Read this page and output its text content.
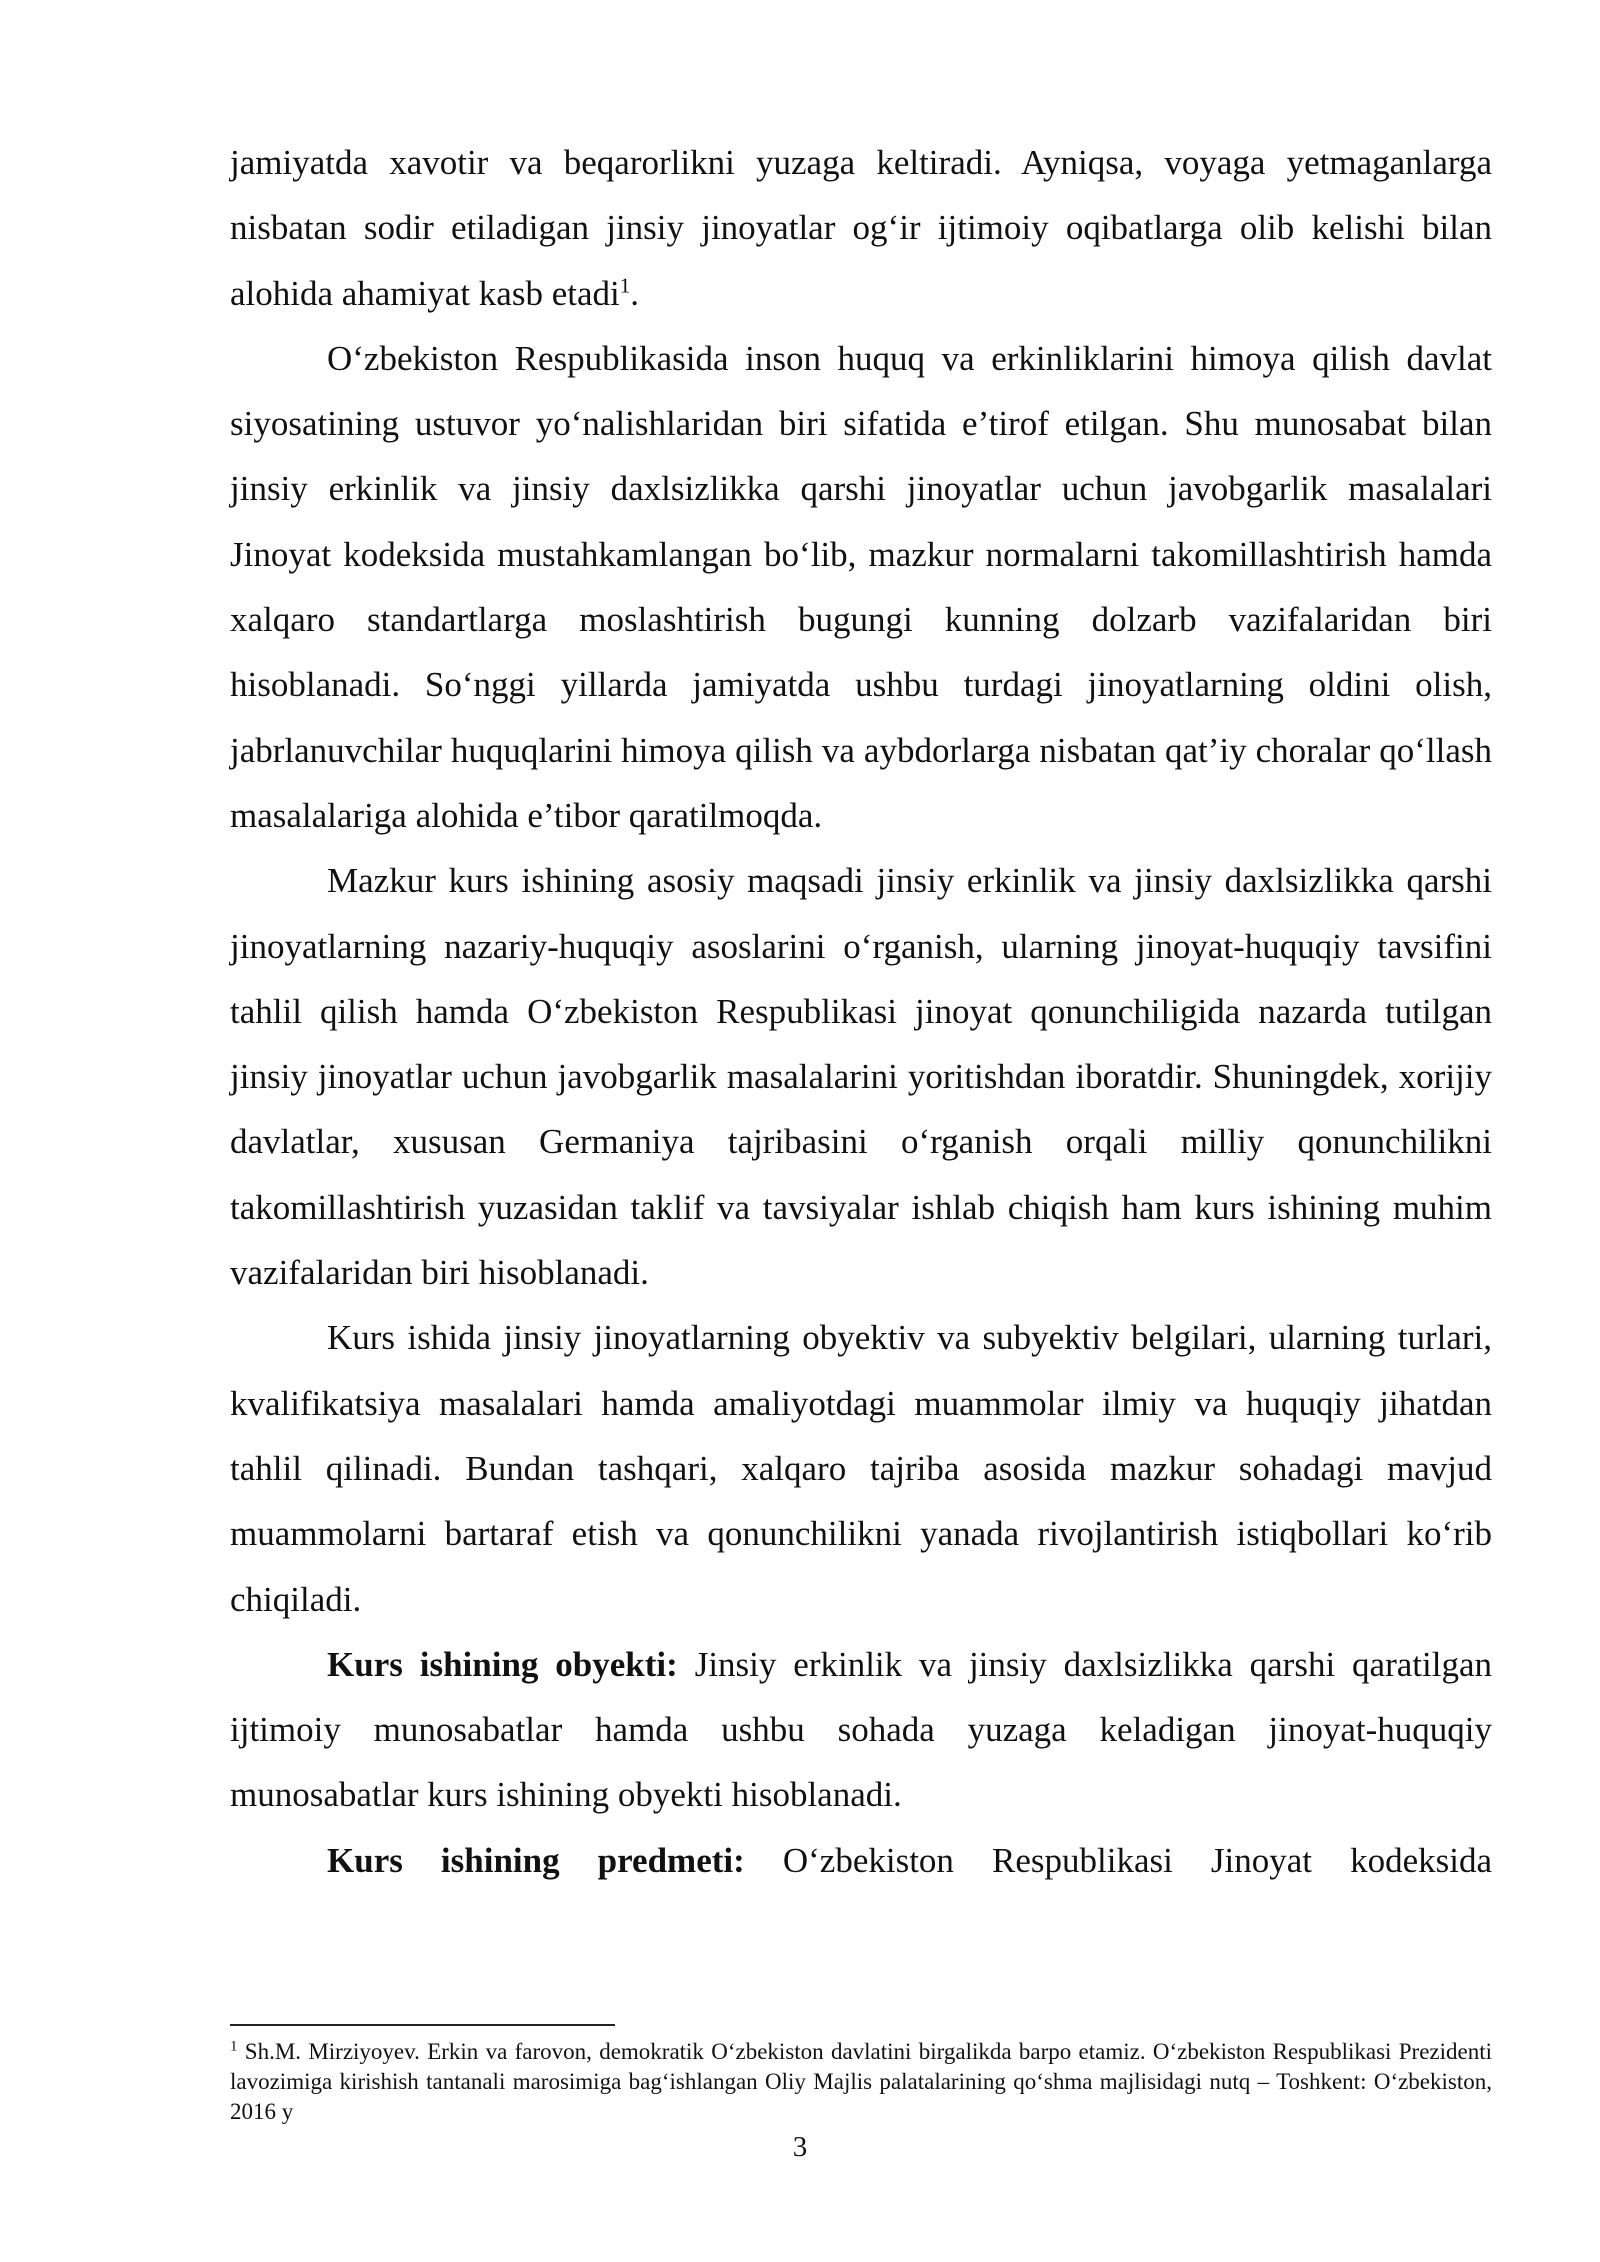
jamiyatda xavotir va beqarorlikni yuzaga keltiradi. Ayniqsa, voyaga yetmaganlarga nisbatan sodir etiladigan jinsiy jinoyatlar og‘ir ijtimoiy oqibatlarga olib kelishi bilan alohida ahamiyat kasb etadi$^1$.

O‘zbekiston Respublikasida inson huquq va erkinliklarini himoya qilish davlat siyosatining ustuvor yo‘nalishlaridan biri sifatida e’tirof etilgan. Shu munosabat bilan jinsiy erkinlik va jinsiy daxlsizlikka qarshi jinoyatlar uchun javobgarlik masalalari Jinoyat kodeksida mustahkamlangan bo‘lib, mazkur normalarni takomillashtirish hamda xalqaro standartlarga moslashtirish bugungi kunning dolzarb vazifalaridan biri hisoblanadi. So‘nggi yillarda jamiyatda ushbu turdagi jinoyatlarning oldini olish, jabrlanuvchilar huquqlarini himoya qilish va aybdorlarga nisbatan qat’iy choralar qo‘llash masalalariga alohida e’tibor qaratilmoqda.

Mazkur kurs ishining asosiy maqsadi jinsiy erkinlik va jinsiy daxlsizlikka qarshi jinoyatlarning nazariy-huquqiy asoslarini o‘rganish, ularning jinoyat-huquqiy tavsifini tahlil qilish hamda O‘zbekiston Respublikasi jinoyat qonunchiligida nazarda tutilgan jinsiy jinoyatlar uchun javobgarlik masalalarini yoritishdan iboratdir. Shuningdek, xorijiy davlatlar, xususan Germaniya tajribasini o‘rganish orqali milliy qonunchilikni takomillashtirish yuzasidan taklif va tavsiyalar ishlab chiqish ham kurs ishining muhim vazifalaridan biri hisoblanadi.

Kurs ishida jinsiy jinoyatlarning obyektiv va subyektiv belgilari, ularning turlari, kvalifikatsiya masalalari hamda amaliyotdagi muammolar ilmiy va huquqiy jihatdan tahlil qilinadi. Bundan tashqari, xalqaro tajriba asosida mazkur sohadagi mavjud muammolarni bartaraf etish va qonunchilikni yanada rivojlantirish istiqbollari ko‘rib chiqiladi.

Kurs ishining obyekti: Jinsiy erkinlik va jinsiy daxlsizlikka qarshi qaratilgan ijtimoiy munosabatlar hamda ushbu sohada yuzaga keladigan jinoyat-huquqiy munosabatlar kurs ishining obyekti hisoblanadi.

Kurs ishining predmeti: O‘zbekiston Respublikasi Jinoyat kodeksida

$^1$ Sh.M. Mirziyoyev. Erkin va farovon, demokratik O‘zbekiston davlatini birgalikda barpo etamiz. O‘zbekiston Respublikasi Prezidenti lavozimiga kirishish tantanali marosimiga bag‘ishlangan Oliy Majlis palatalarining qo‘shma majlisidagi nutq – Toshkent: O‘zbekiston, 2016 y

3
